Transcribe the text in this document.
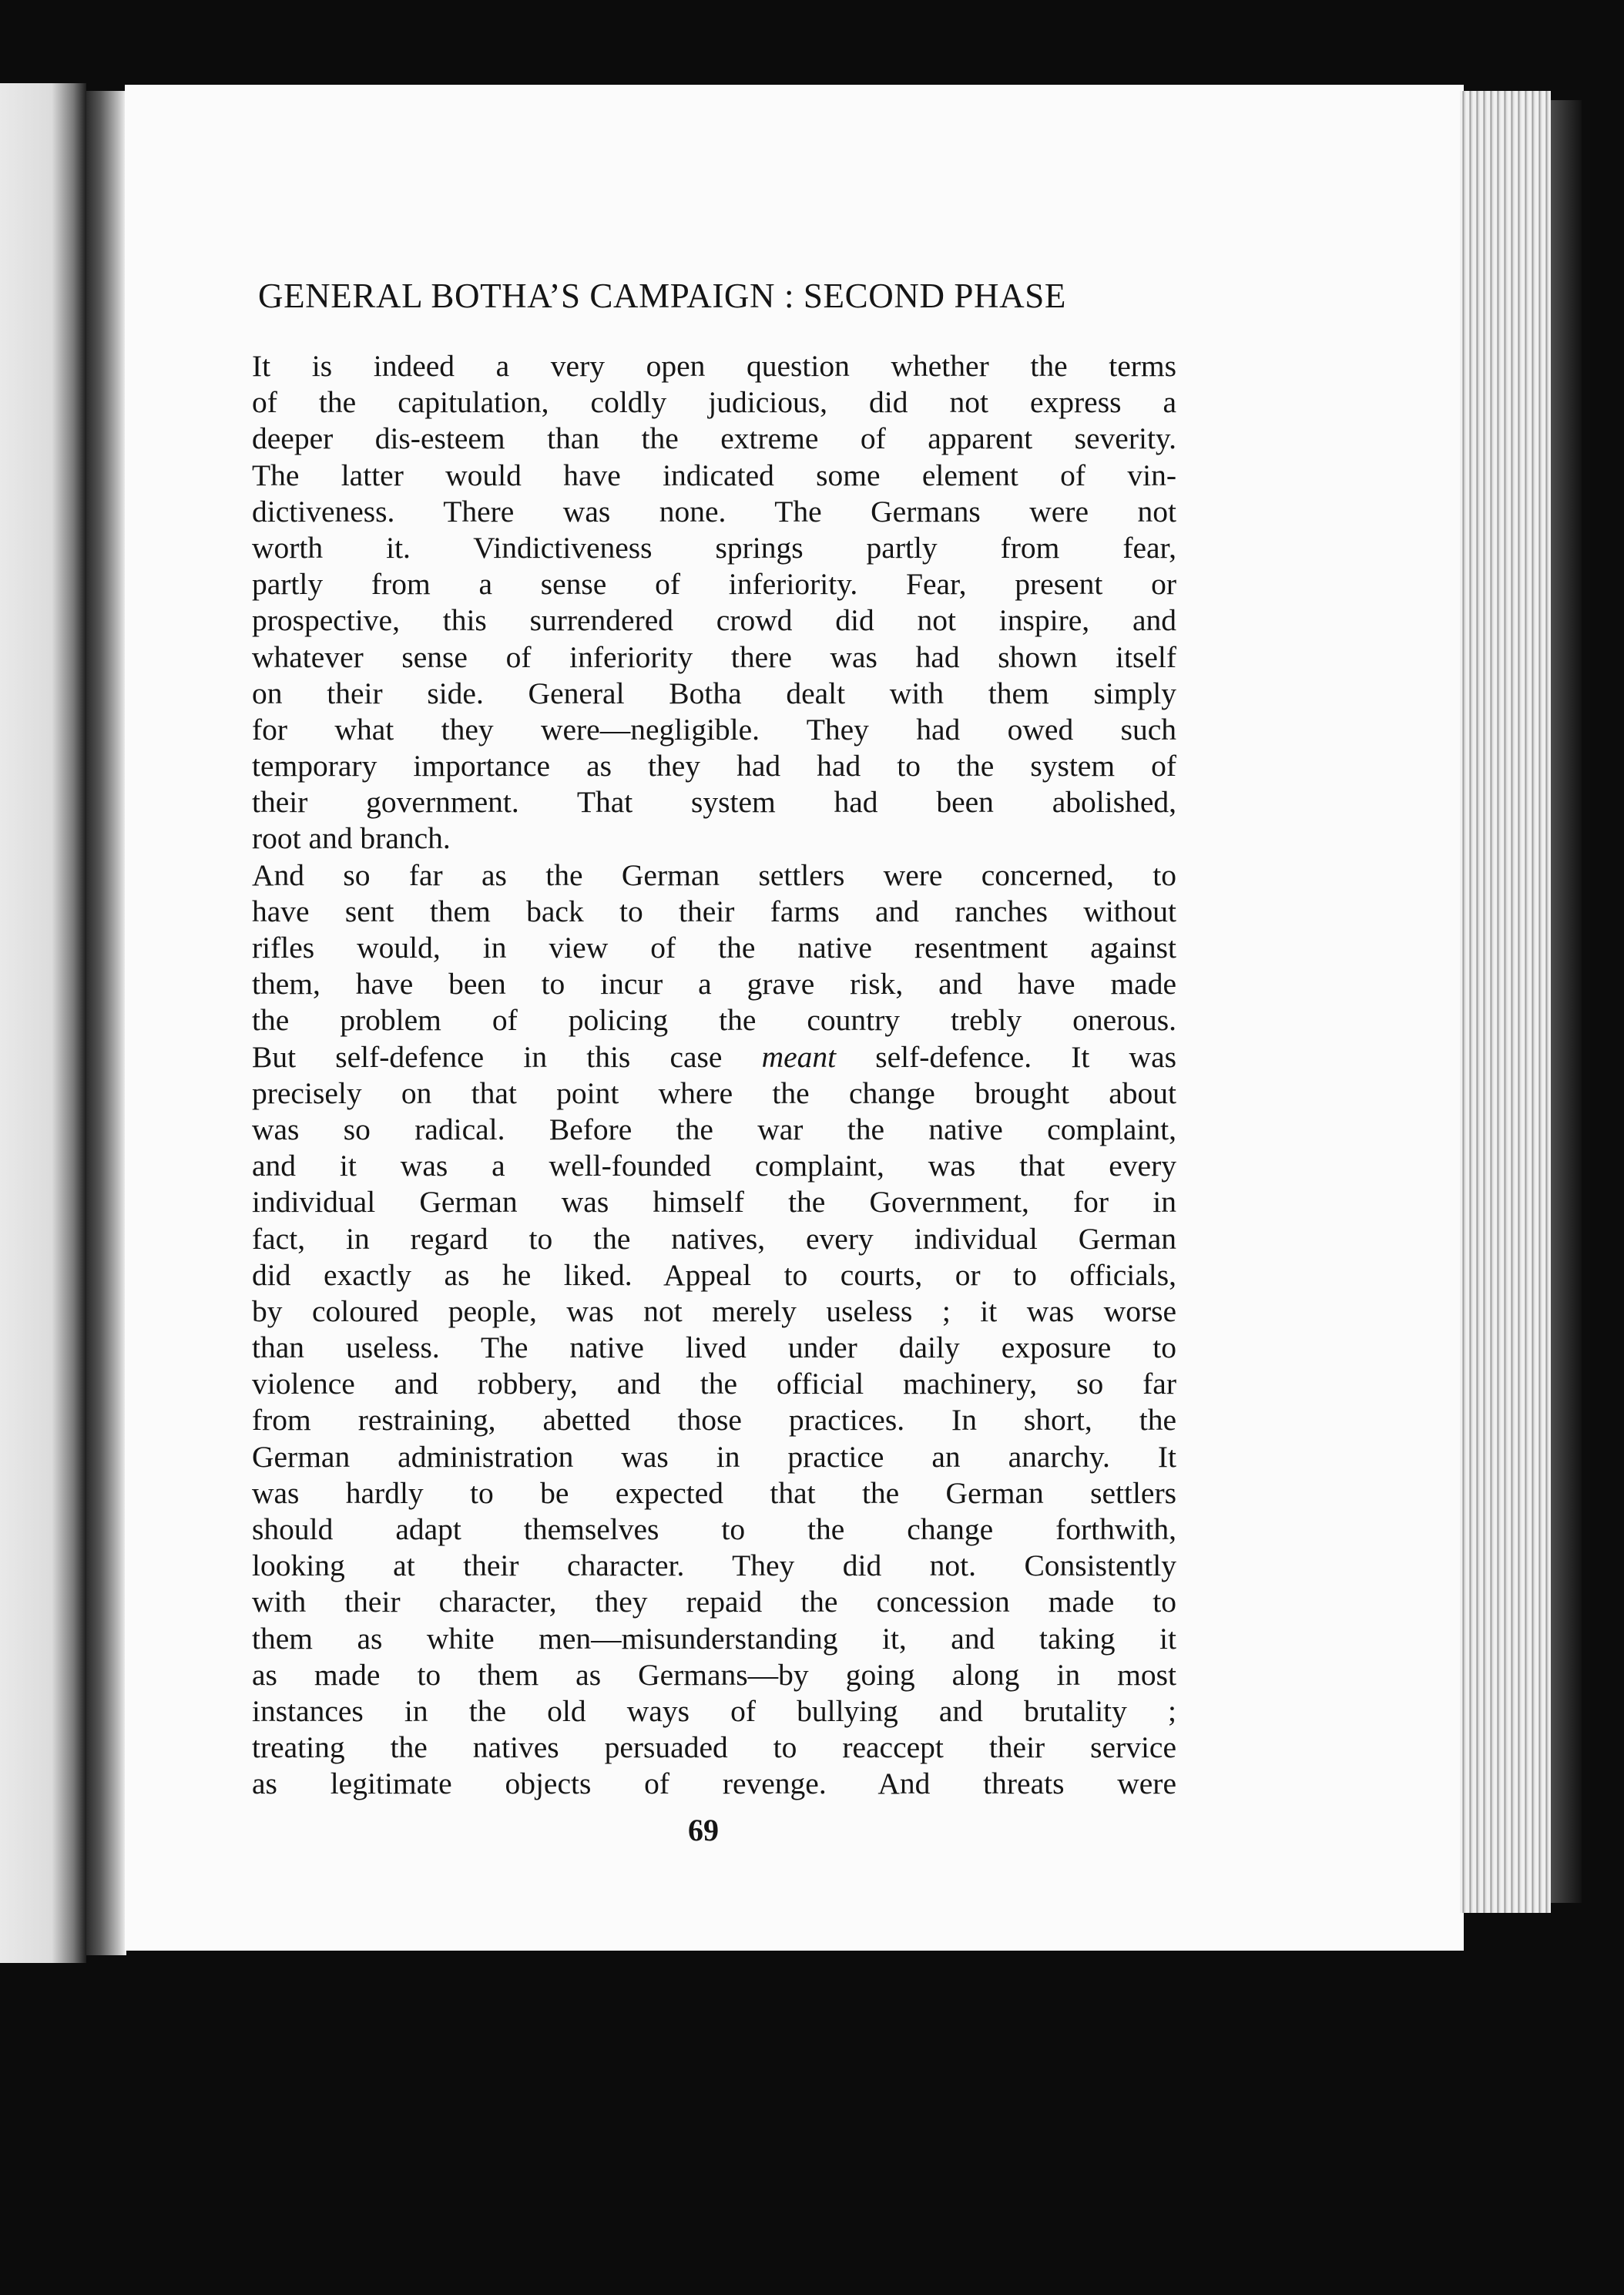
GENERAL BOTHA’S CAMPAIGN : SECOND PHASE
It is indeed a very open question whether the terms
of the capitulation, coldly judicious, did not express a
deeper dis-esteem than the extreme of apparent severity.
The latter would have indicated some element of vin-
dictiveness. There was none. The Germans were not
worth it. Vindictiveness springs partly from fear,
partly from a sense of inferiority. Fear, present or
prospective, this surrendered crowd did not inspire, and
whatever sense of inferiority there was had shown itself
on their side. General Botha dealt with them simply
for what they were—negligible. They had owed such
temporary importance as they had had to the system of
their government. That system had been abolished,
root and branch.
And so far as the German settlers were concerned, to
have sent them back to their farms and ranches without
rifles would, in view of the native resentment against
them, have been to incur a grave risk, and have made
the problem of policing the country trebly onerous.
But self-defence in this case meant self-defence. It was
precisely on that point where the change brought about
was so radical. Before the war the native complaint,
and it was a well-founded complaint, was that every
individual German was himself the Government, for in
fact, in regard to the natives, every individual German
did exactly as he liked. Appeal to courts, or to officials,
by coloured people, was not merely useless ; it was worse
than useless. The native lived under daily exposure to
violence and robbery, and the official machinery, so far
from restraining, abetted those practices. In short, the
German administration was in practice an anarchy. It
was hardly to be expected that the German settlers
should adapt themselves to the change forthwith,
looking at their character. They did not. Consistently
with their character, they repaid the concession made to
them as white men—misunderstanding it, and taking it
as made to them as Germans—by going along in most
instances in the old ways of bullying and brutality ;
treating the natives persuaded to reaccept their service
as legitimate objects of revenge. And threats were

69
